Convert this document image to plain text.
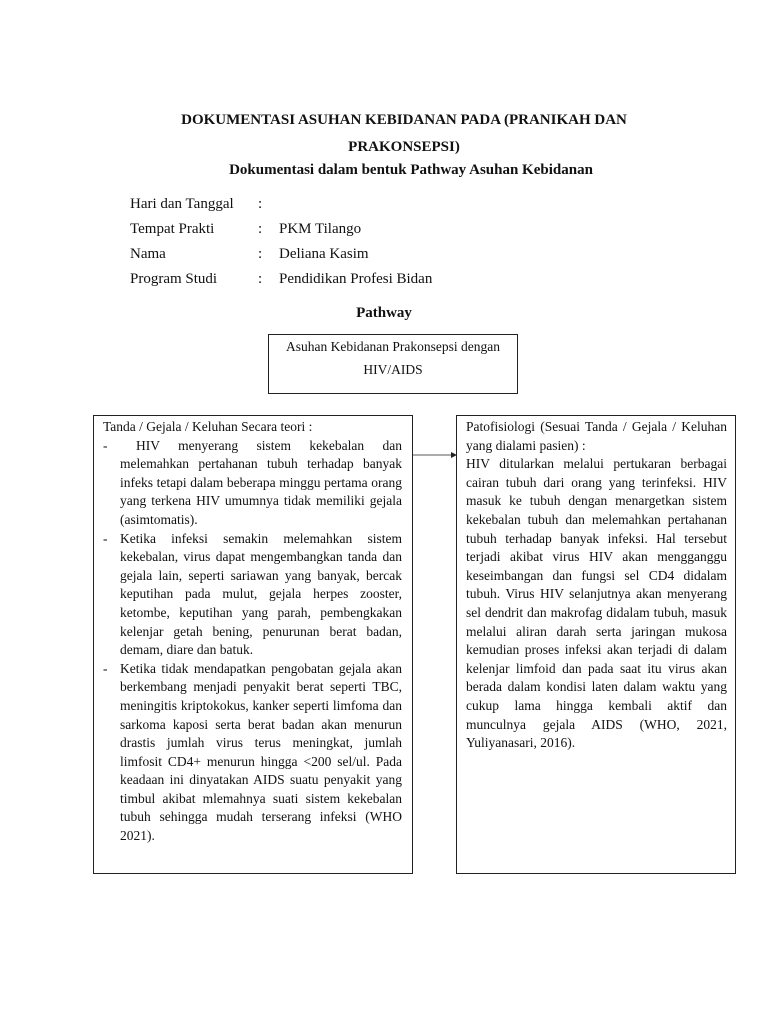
DOKUMENTASI ASUHAN KEBIDANAN PADA (PRANIKAH DAN
PRAKONSEPSI)
Dokumentasi dalam bentuk Pathway Asuhan Kebidanan
Hari dan Tanggal :
Tempat Prakti	: PKM Tilango
Nama	: Deliana Kasim
Program Studi	: Pendidikan Profesi Bidan
Pathway
Asuhan Kebidanan Prakonsepsi dengan
HIV/AIDS
Tanda / Gejala / Keluhan Secara teori :
-	HIV menyerang sistem kekebalan dan melemahkan pertahanan tubuh terhadap banyak infeks tetapi dalam beberapa minggu pertama orang yang terkena HIV umumnya tidak memiliki gejala (asimtomatis).
- Ketika infeksi semakin melemahkan sistem kekebalan, virus dapat mengembangkan tanda dan gejala lain, seperti sariawan yang banyak, bercak keputihan pada mulut, gejala herpes zooster, ketombe, keputihan yang parah, pembengkakan kelenjar getah bening, penurunan berat badan, demam, diare dan batuk.
- Ketika tidak mendapatkan pengobatan gejala akan berkembang menjadi penyakit berat seperti TBC, meningitis kriptokokus, kanker seperti limfoma dan sarkoma kaposi serta berat badan akan menurun drastis jumlah virus terus meningkat, jumlah limfosit CD4+ menurun hingga <200 sel/ul. Pada keadaan ini dinyatakan AIDS suatu penyakit yang timbul akibat mlemahnya suati sistem kekebalan tubuh sehingga mudah terserang infeksi (WHO 2021).
Patofisiologi (Sesuai Tanda / Gejala / Keluhan yang dialami pasien) :
HIV ditularkan melalui pertukaran berbagai cairan tubuh dari orang yang terinfeksi. HIV masuk ke tubuh dengan menargetkan sistem kekebalan tubuh dan melemahkan pertahanan tubuh terhadap banyak infeksi. Hal tersebut terjadi akibat virus HIV akan mengganggu keseimbangan dan fungsi sel CD4 didalam tubuh. Virus HIV selanjutnya akan menyerang sel dendrit dan makrofag didalam tubuh, masuk melalui aliran darah serta jaringan mukosa kemudian proses infeksi akan terjadi di dalam kelenjar limfoid dan pada saat itu virus akan berada dalam kondisi laten dalam waktu yang cukup lama hingga kembali aktif dan munculnya gejala AIDS (WHO, 2021, Yuliyanasari, 2016).
